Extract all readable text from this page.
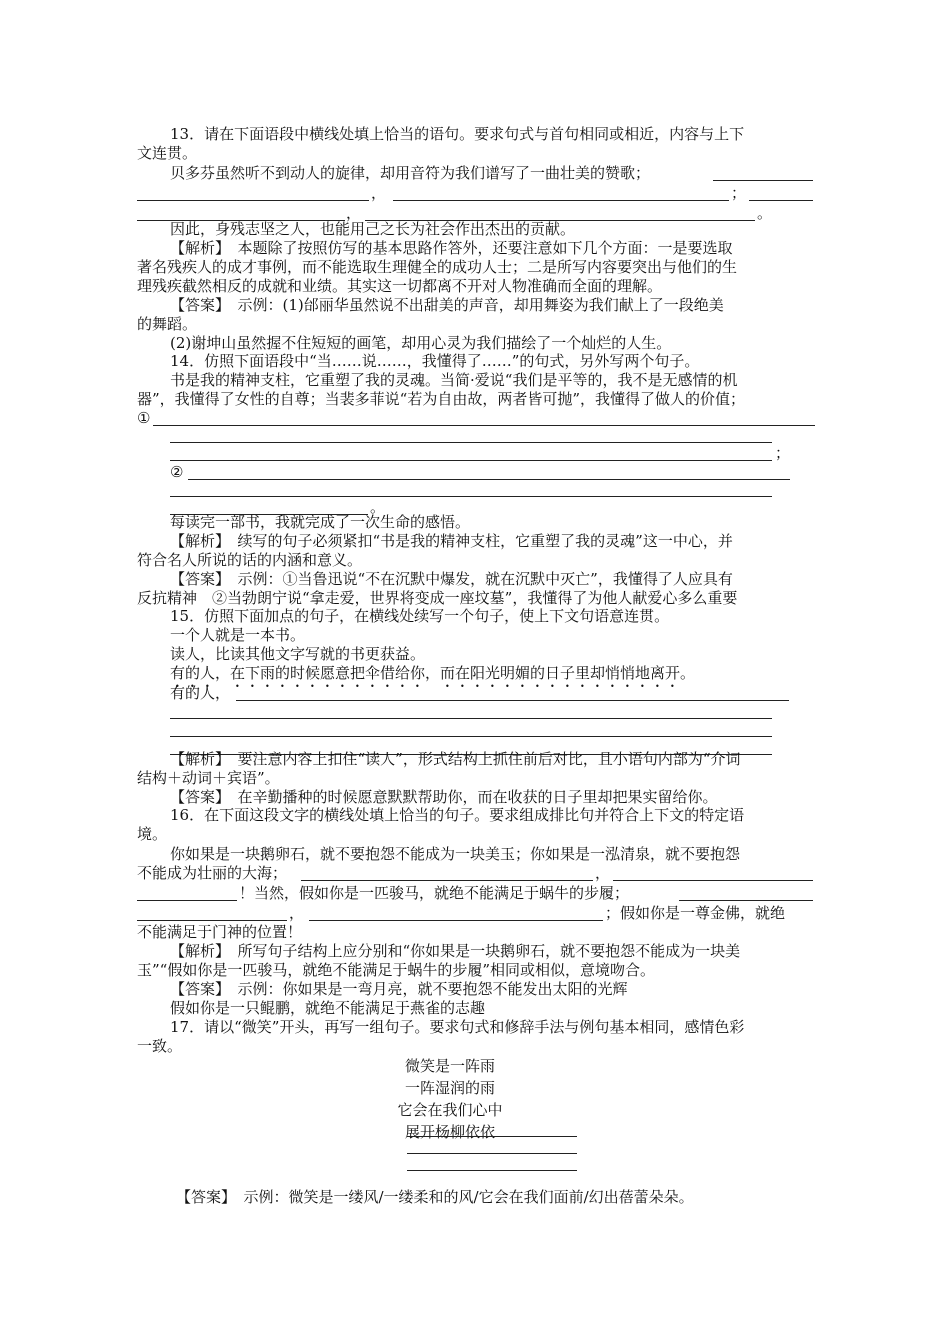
13．请在下面语段中横线处填上恰当的语句。要求句式与首句相同或相近，内容与上下
文连贯。
贝多芬虽然听不到动人的旋律，却用音符为我们谱写了一曲壮美的赞歌；
，	；
，	。
因此，身残志坚之人，也能用己之长为社会作出杰出的贡献。
【解析】　本题除了按照仿写的基本思路作答外，还要注意如下几个方面：一是要选取
著名残疾人的成才事例，而不能选取生理健全的成功人士；二是所写内容要突出与他们的生
理残疾截然相反的成就和业绩。其实这一切都离不开对人物准确而全面的理解。
【答案】　示例：(1)邰丽华虽然说不出甜美的声音，却用舞姿为我们献上了一段绝美
的舞蹈。
(2)谢坤山虽然握不住短短的画笔，却用心灵为我们描绘了一个灿烂的人生。
14．仿照下面语段中“当……说……，我懂得了……”的句式，另外写两个句子。
书是我的精神支柱，它重塑了我的灵魂。当简·爱说“我们是平等的，我不是无感情的机
器”，我懂得了女性的自尊；当裴多菲说“若为自由故，两者皆可抛”，我懂得了做人的价值；
①
；
②
。
每读完一部书，我就完成了一次生命的感悟。
【解析】　续写的句子必须紧扣“书是我的精神支柱，它重塑了我的灵魂”这一中心，并
符合名人所说的话的内涵和意义。
【答案】　示例：①当鲁迅说“不在沉默中爆发，就在沉默中灭亡”，我懂得了人应具有
反抗精神　②当勃朗宁说“拿走爱，世界将变成一座坟墓”，我懂得了为他人献爱心多么重要
15．仿照下面加点的句子，在横线处续写一个句子，使上下文句语意连贯。
一个人就是一本书。
读人，比读其他文字写就的书更获益。
有的人，在下雨的时候愿意把伞借给你，而在阳光明媚的日子里却悄悄地离开。
有的人，
【解析】　要注意内容上扣住“读人”，形式结构上抓住前后对比，且小语句内部为“介词
结构＋动词＋宾语”。
【答案】　在辛勤播种的时候愿意默默帮助你，而在收获的日子里却把果实留给你。
16．在下面这段文字的横线处填上恰当的句子。要求组成排比句并符合上下文的特定语
境。
你如果是一块鹅卵石，就不要抱怨不能成为一块美玉；你如果是一泓清泉，就不要抱怨
不能成为壮丽的大海；	，
！当然，假如你是一匹骏马，就绝不能满足于蜗牛的步履；
，	；假如你是一尊金佛，就绝
不能满足于门神的位置！
【解析】　所写句子结构上应分别和“你如果是一块鹅卵石，就不要抱怨不能成为一块美
玉”“假如你是一匹骏马，就绝不能满足于蜗牛的步履”相同或相似，意境吻合。
【答案】　示例：你如果是一弯月亮，就不要抱怨不能发出太阳的光辉
假如你是一只鲲鹏，就绝不能满足于燕雀的志趣
17．请以“微笑”开头，再写一组句子。要求句式和修辞手法与例句基本相同，感情色彩
一致。
微笑是一阵雨
一阵湿润的雨
它会在我们心中
展开杨柳依依
【答案】　示例：微笑是一缕风/一缕柔和的风/它会在我们面前/幻出蓓蕾朵朵。
